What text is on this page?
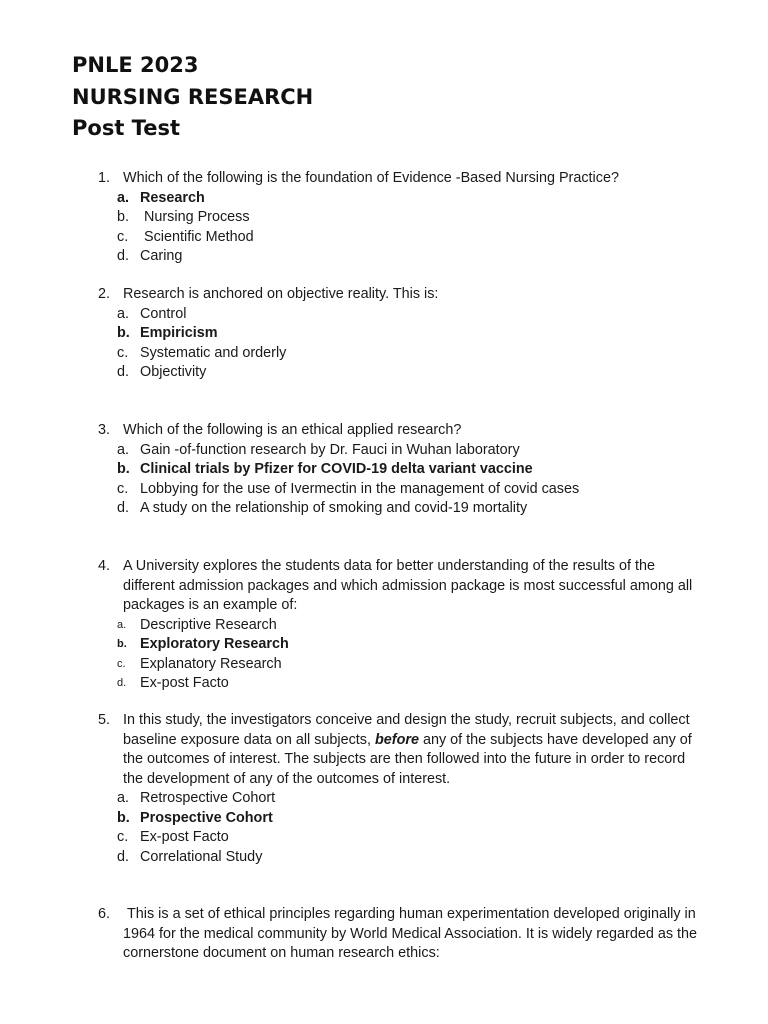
PNLE 2023
NURSING RESEARCH
Post Test
1. Which of the following is the foundation of Evidence -Based Nursing Practice?
a. Research
b. Nursing Process
c. Scientific Method
d. Caring
2. Research is anchored on objective reality. This is:
a. Control
b. Empiricism
c. Systematic and orderly
d. Objectivity
3. Which of the following is an ethical applied research?
a. Gain -of-function research by Dr. Fauci in Wuhan laboratory
b. Clinical trials by Pfizer for COVID-19 delta variant vaccine
c. Lobbying for the use of Ivermectin in the management of covid cases
d. A study on the relationship of smoking and covid-19 mortality
4. A University explores the students data for better understanding of the results of the different admission packages and which admission package is most successful among all packages is an example of:
a. Descriptive Research
b. Exploratory Research
c.	Explanatory Research
d. Ex-post Facto
5. In this study, the investigators conceive and design the study, recruit subjects, and collect baseline exposure data on all subjects, before any of the subjects have developed any of the outcomes of interest. The subjects are then followed into the future in order to record the development of any of the outcomes of interest.
a. Retrospective Cohort
b. Prospective Cohort
c. Ex-post Facto
d. Correlational Study
6. This is a set of ethical principles regarding human experimentation developed originally in 1964 for the medical community by World Medical Association. It is widely regarded as the cornerstone document on human research ethics:
